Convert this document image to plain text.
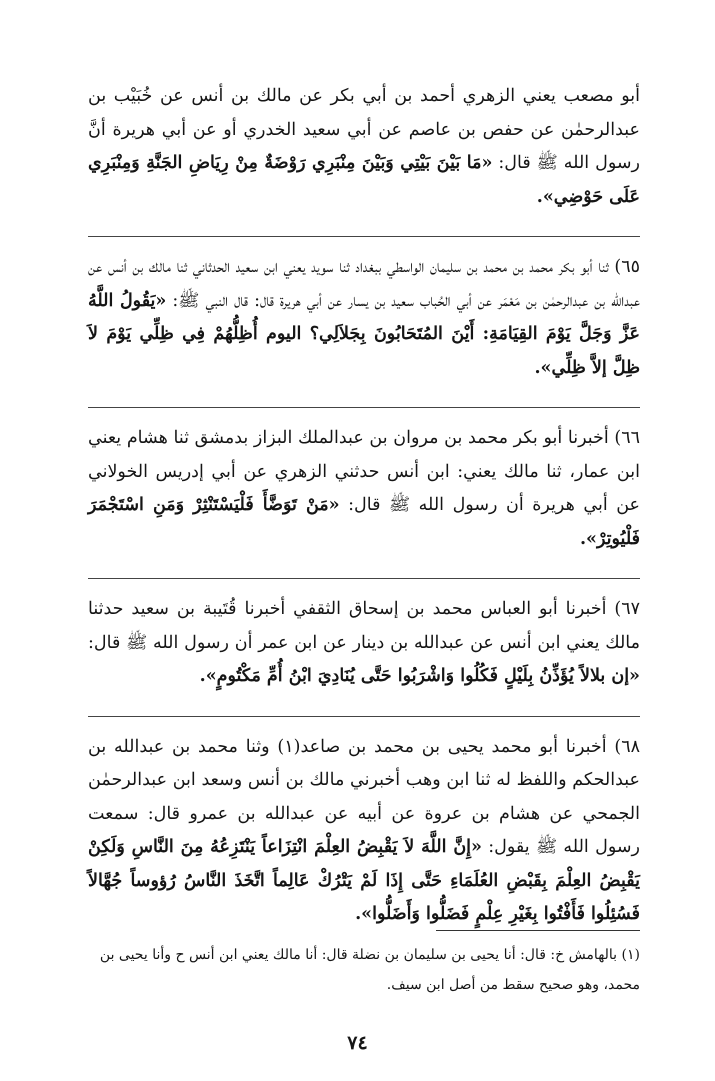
أبو مصعب يعني الزهري أحمد بن أبي بكر عن مالك بن أنس عن خُبَيْب بن عبدالرحمٰن عن حفص بن عاصم عن أبي سعيد الخدري أو عن أبي هريرة أنَّ رسول الله ﷺ قال: «مَا بَيْنَ بَيْتِي وَبَيْنَ مِنْبَرِي رَوْضَةٌ مِنْ رِيَاضِ الجَنَّةِ وَمِنْبَرِي عَلَى حَوْضِي».

٦٥) ثنا أبو بكر محمد بن محمد بن سليمان الواسطي ببغداد ثنا سويد يعني ابن سعيد الحدثاني ثنا مالك بن أنس عن عبدالله بن عبدالرحمٰن بن مَعْمَر عن أبي الحُباب سعيد بن يسار عن أبي هريرة قال: قال النبي ﷺ: «يَقُولُ اللَّهُ عَزَّ وَجَلَّ يَوْمَ القِيَامَةِ: أَيْنَ المُتَحَابُونَ بِجَلاَلِي؟ اليوم أُظِلُّهُمْ فِي ظِلِّي يَوْمَ لاَ ظِلَّ إلاَّ ظِلِّي».

٦٦) أخبرنا أبو بكر محمد بن مروان بن عبدالملك البزاز بدمشق ثنا هشام يعني ابن عمار، ثنا مالك يعني: ابن أنس حدثني الزهري عن أبي إدريس الخولاني عن أبي هريرة أن رسول الله ﷺ قال: «مَنْ تَوَضَّأَ فَلْيَسْتَنْثِرْ وَمَنِ اسْتَجْمَرَ فَلْيُوتِرْ».

٦٧) أخبرنا أبو العباس محمد بن إسحاق الثقفي أخبرنا قُتَيبة بن سعيد حدثنا مالك يعني ابن أنس عن عبدالله بن دينار عن ابن عمر أن رسول الله ﷺ قال: «إن بلالاً يُؤَذِّنُ بِلَيْلٍ فَكُلُوا وَاشْرَبُوا حَتَّى يُنَادِيَ ابْنُ أُمِّ مَكْتُومٍ».

٦٨) أخبرنا أبو محمد يحيى بن محمد بن صاعد(١) وثنا محمد بن عبدالله بن عبدالحكم واللفظ له ثنا ابن وهب أخبرني مالك بن أنس وسعد ابن عبدالرحمٰن الجمحي عن هشام بن عروة عن أبيه عن عبدالله بن عمرو قال: سمعت رسول الله ﷺ يقول: «إِنَّ اللَّهَ لاَ يَقْبِضُ العِلْمَ انْتِزَاعاً يَنْتَزِعُهُ مِنَ النَّاسِ وَلَكِنْ يَقْبِضُ العِلْمَ بِقَبْضِ العُلَمَاءِ حَتَّى إِذَا لَمْ يَتْرُكْ عَالِماً اتَّخَذَ النَّاسُ رُؤوساً جُهَّالاً فَسُئِلُوا فَأَفْتُوا بِغَيْرِ عِلْمٍ فَضَلُّوا وَأَضَلُّوا».

(١) بالهامش خ: قال: أنا يحيى بن سليمان بن نضلة قال: أنا مالك يعني ابن أنس ح وأنا يحيى بن محمد، وهو صحيح سقط من أصل ابن سيف.
٧٤
